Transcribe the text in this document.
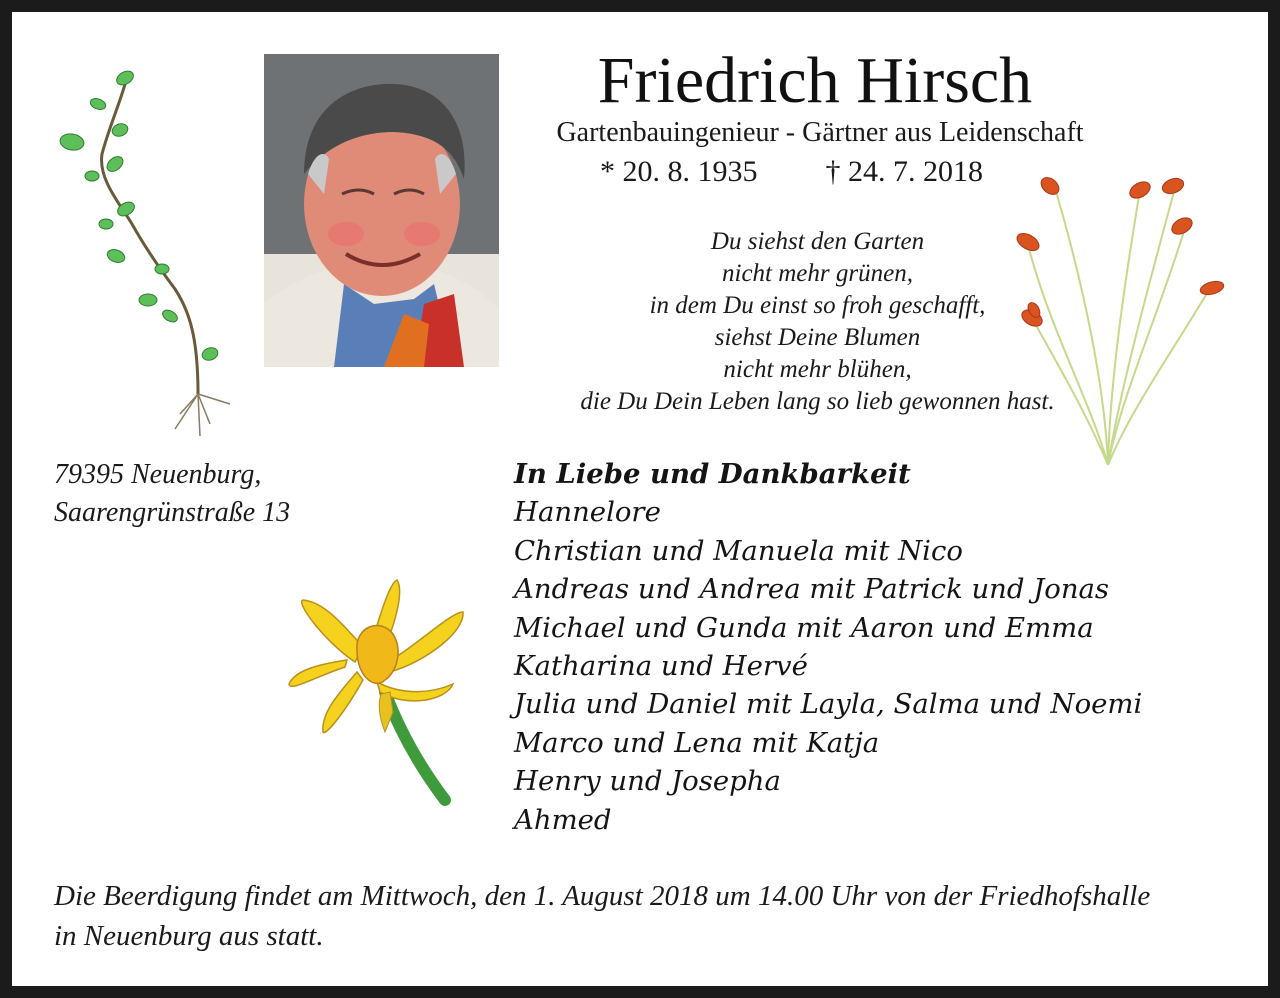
Friedrich Hirsch
Gartenbauingenieur - Gärtner aus Leidenschaft
* 20. 8. 1935 † 24. 7. 2018
Du siehst den Garten
nicht mehr grünen,
in dem Du einst so froh geschafft,
siehst Deine Blumen
nicht mehr blühen,
die Du Dein Leben lang so lieb gewonnen hast.
79395 Neuenburg,
Saarengrünstraße 13
In Liebe und Dankbarkeit
Hannelore
Christian und Manuela mit Nico
Andreas und Andrea mit Patrick und Jonas
Michael und Gunda mit Aaron und Emma
Katharina und Hervé
Julia und Daniel mit Layla, Salma und Noemi
Marco und Lena mit Katja
Henry und Josepha
Ahmed
Die Beerdigung findet am Mittwoch, den 1. August 2018 um 14.00 Uhr von der Friedhofshalle
in Neuenburg aus statt.
